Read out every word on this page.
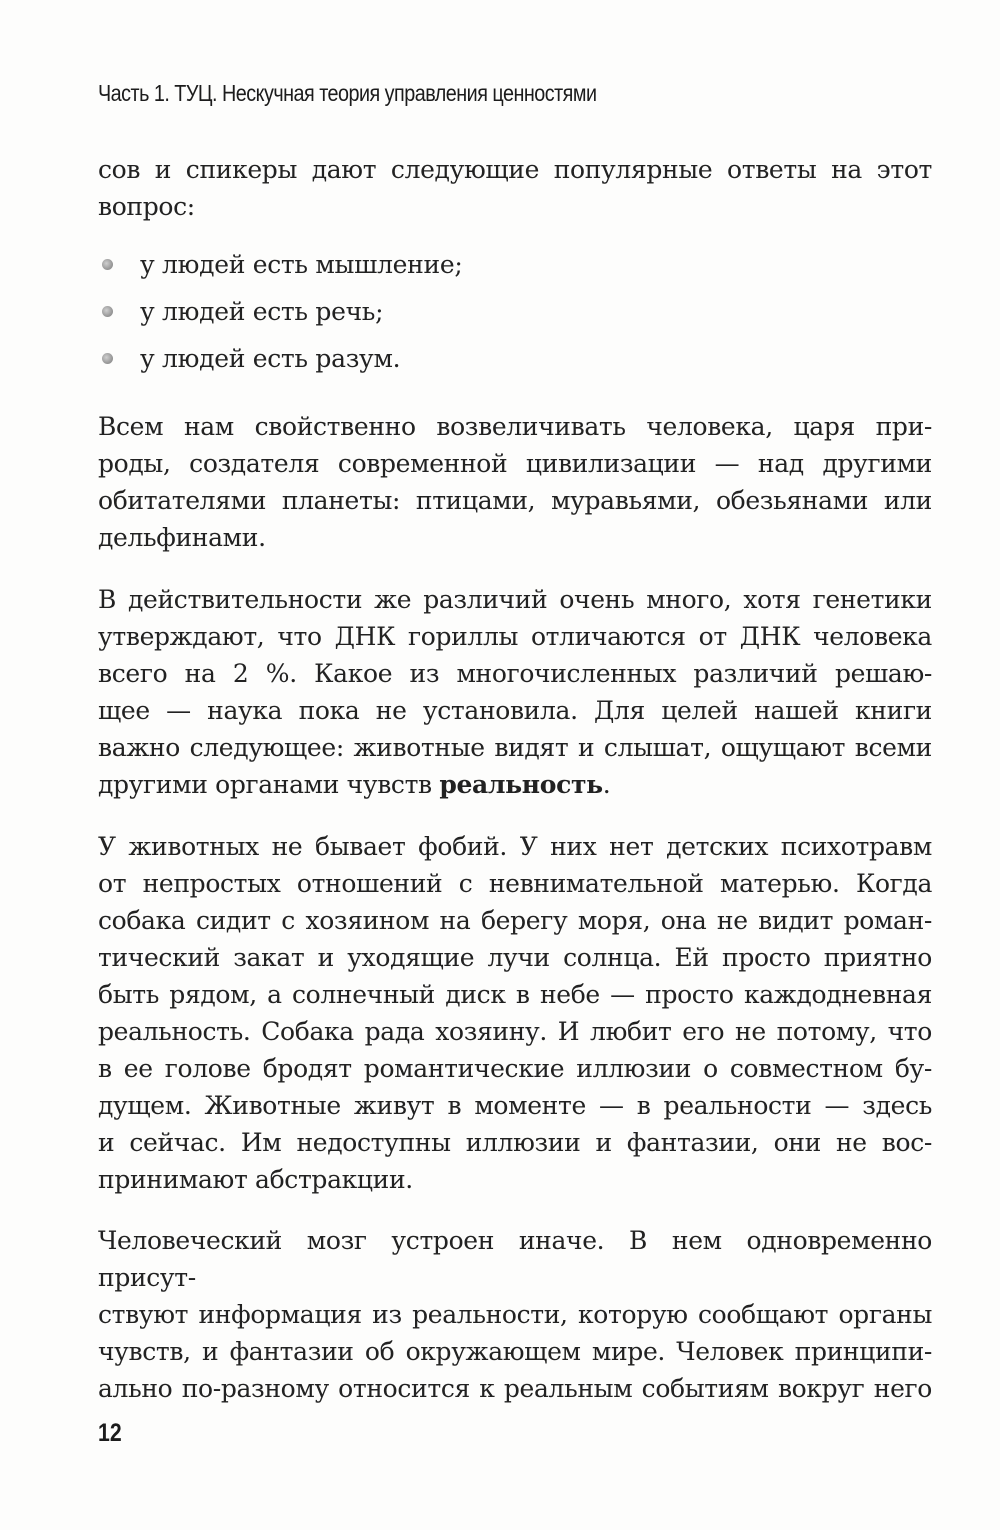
Часть 1. ТУЦ. Нескучная теория управления ценностями
сов и спикеры дают следующие популярные ответы на этот
вопрос:
у людей есть мышление;
у людей есть речь;
у людей есть разум.
Всем нам свойственно возвеличивать человека, царя при-
роды, создателя современной цивилизации — над другими
обитателями планеты: птицами, муравьями, обезьянами или
дельфинами.
В действительности же различий очень много, хотя генетики
утверждают, что ДНК гориллы отличаются от ДНК человека
всего на 2 %. Какое из многочисленных различий решаю-
щее — наука пока не установила. Для целей нашей книги
важно следующее: животные видят и слышат, ощущают всеми
другими органами чувств реальность.
У животных не бывает фобий. У них нет детских психотравм
от непростых отношений с невнимательной матерью. Когда
собака сидит с хозяином на берегу моря, она не видит роман-
тический закат и уходящие лучи солнца. Ей просто приятно
быть рядом, а солнечный диск в небе — просто каждодневная
реальность. Собака рада хозяину. И любит его не потому, что
в ее голове бродят романтические иллюзии о совместном бу-
дущем. Животные живут в моменте — в реальности — здесь
и сейчас. Им недоступны иллюзии и фантазии, они не вос-
принимают абстракции.
Человеческий мозг устроен иначе. В нем одновременно присут-
ствуют информация из реальности, которую сообщают органы
чувств, и фантазии об окружающем мире. Человек принципи-
ально по-разному относится к реальным событиям вокруг него
12
